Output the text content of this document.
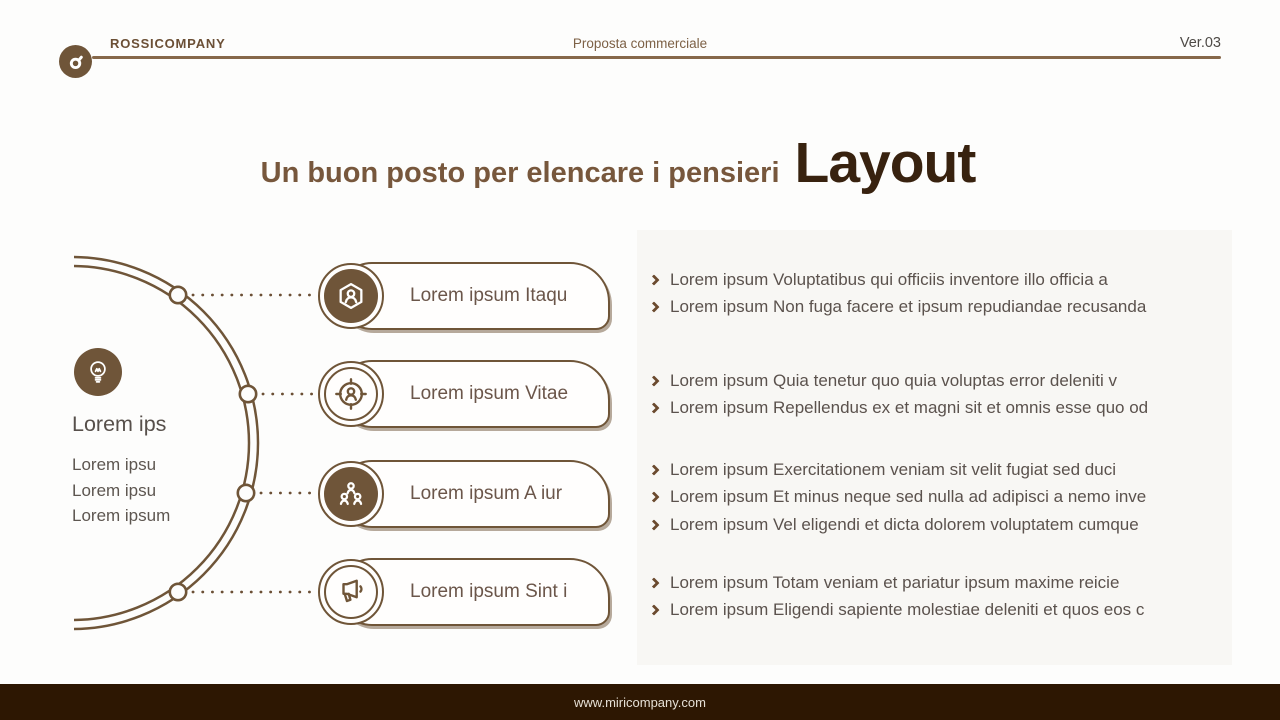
ROSSICOMPANY	Proposta commerciale	Ver.03
Un buon posto per elencare i pensieri Layout
Lorem ips
Lorem ipsu
Lorem ipsu
Lorem ipsum
Lorem ipsum Itaqu
Lorem ipsum Vitae
Lorem ipsum A iur
Lorem ipsum Sint i
Lorem ipsum Voluptatibus qui officiis inventore illo officia a
Lorem ipsum Non fuga facere et ipsum repudiandae recusanda
Lorem ipsum Quia tenetur quo quia voluptas error deleniti v
Lorem ipsum Repellendus ex et magni sit et omnis esse quo od
Lorem ipsum Exercitationem veniam sit velit fugiat sed duci
Lorem ipsum Et minus neque sed nulla ad adipisci a nemo inve
Lorem ipsum Vel eligendi et dicta dolorem voluptatem cumque
Lorem ipsum Totam veniam et pariatur ipsum maxime reicie
Lorem ipsum Eligendi sapiente molestiae deleniti et quos eos c
www.miricompany.com
